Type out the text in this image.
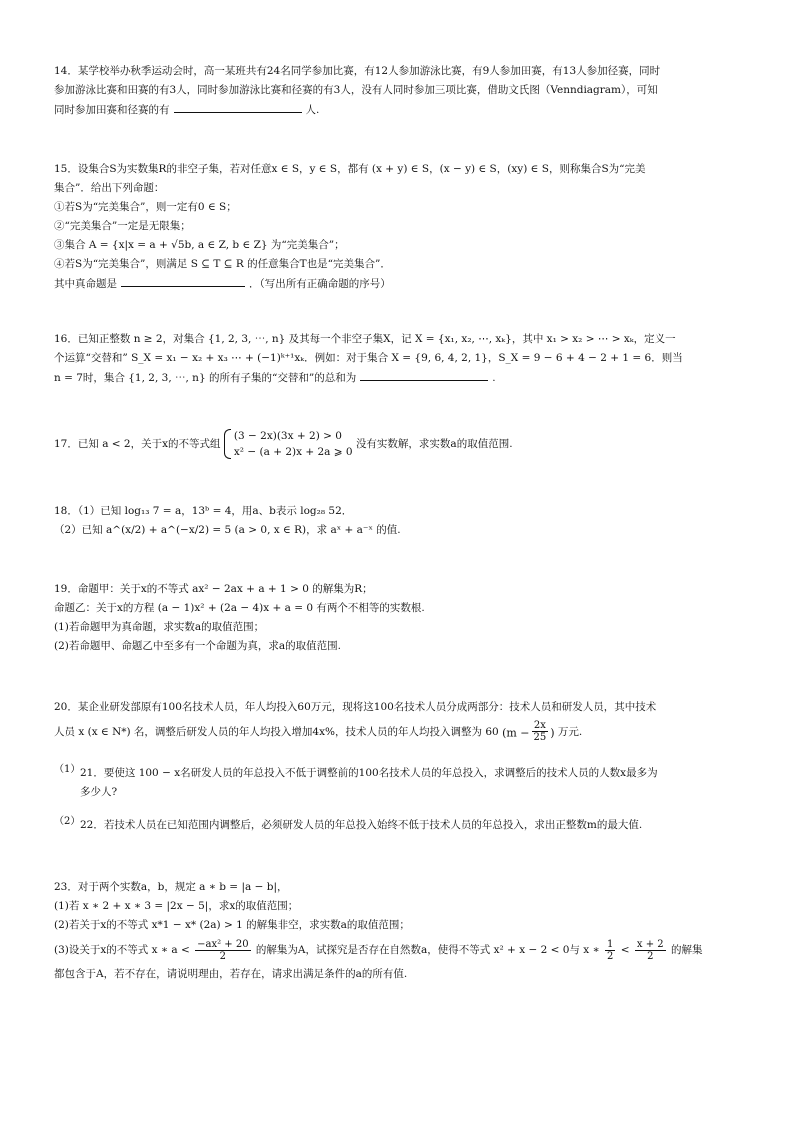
14．某学校举办秋季运动会时，高一某班共有24名同学参加比赛，有12人参加游泳比赛，有9人参加田赛，有13人参加径赛，同时
参加游泳比赛和田赛的有3人，同时参加游泳比赛和径赛的有3人，没有人同时参加三项比赛，借助文氏图（Venndiagram），可知
同时参加田赛和径赛的有	人.
15．设集合S为实数集R的非空子集，若对任意x ∈ S，y ∈ S，都有 (x + y) ∈ S，(x − y) ∈ S，(xy) ∈ S，则称集合S为“完美
集合”．给出下列命题：
①若S为“完美集合”，则一定有0 ∈ S；
②“完美集合”一定是无限集；
③集合 A = {x|x = a + √5b, a ∈ Z, b ∈ Z} 为“完美集合”；
④若S为“完美集合”，则满足 S ⊆ T ⊆ R 的任意集合T也是“完美集合”．
其中真命题是	．（写出所有正确命题的序号）
16．已知正整数 n ≥ 2，对集合 {1, 2, 3, ⋯, n} 及其每一个非空子集X，记 X = {x₁, x₂, ⋯, xₖ}，其中 x₁ > x₂ > ⋯ > xₖ，定义一
个运算“交替和” S_X = x₁ − x₂ + x₃ ⋯ + (−1)ᵏ⁺¹xₖ．例如：对于集合 X = {9, 6, 4, 2, 1}，S_X = 9 − 6 + 4 − 2 + 1 = 6．则当
n = 7时，集合 {1, 2, 3, ⋯, n} 的所有子集的“交替和”的总和为	.
17．已知 a < 2，关于x的不等式组
(3 − 2x)(3x + 2) > 0
x² − (a + 2)x + 2a ⩾ 0
没有实数解，求实数a的取值范围.
18．（1）已知 log₁₃ 7 = a，13ᵇ = 4，用a、b表示 log₂₈ 52．
（2）已知 a^(x/2) + a^(−x/2) = 5 (a > 0, x ∈ R)，求 aˣ + a⁻ˣ 的值.
19．命题甲：关于x的不等式 ax² − 2ax + a + 1 > 0 的解集为R；
命题乙：关于x的方程 (a − 1)x² + (2a − 4)x + a = 0 有两个不相等的实数根.
(1)若命题甲为真命题，求实数a的取值范围；
(2)若命题甲、命题乙中至多有一个命题为真，求a的取值范围.
20．某企业研发部原有100名技术人员，年人均投入60万元，现将这100名技术人员分成两部分：技术人员和研发人员，其中技术
人员 x (x ∈ N*) 名，调整后研发人员的年人均投入增加4x%，技术人员的年人均投入调整为 60 ($m - \frac{2x}{25}$ ) 万元.
（1） 21．要使这 100 − x名研发人员的年总投入不低于调整前的100名技术人员的年总投入，求调整后的技术人员的人数x最多为
多少人?
（2） 22．若技术人员在已知范围内调整后，必须研发人员的年总投入始终不低于技术人员的年总投入，求出正整数m的最大值.
23．对于两个实数a，b，规定 a ∗ b = |a − b|，
(1)若 x ∗ 2 + x ∗ 3 = |2x − 5|，求x的取值范围；
(2)若关于x的不等式 x*1 − x* (2a) > 1 的解集非空，求实数a的取值范围；
(3)设关于x的不等式 x ∗ $a < \frac{\text{−ax² + 20}}{2}$ 的解集为A，试探究是否存在自然数a，使得不等式 x² + x − 2 < 0与 x ∗ $\frac{1}{2} < \frac{x + 2}{2}$ 的解集
都包含于A，若不存在，请说明理由，若存在，请求出满足条件的a的所有值.
